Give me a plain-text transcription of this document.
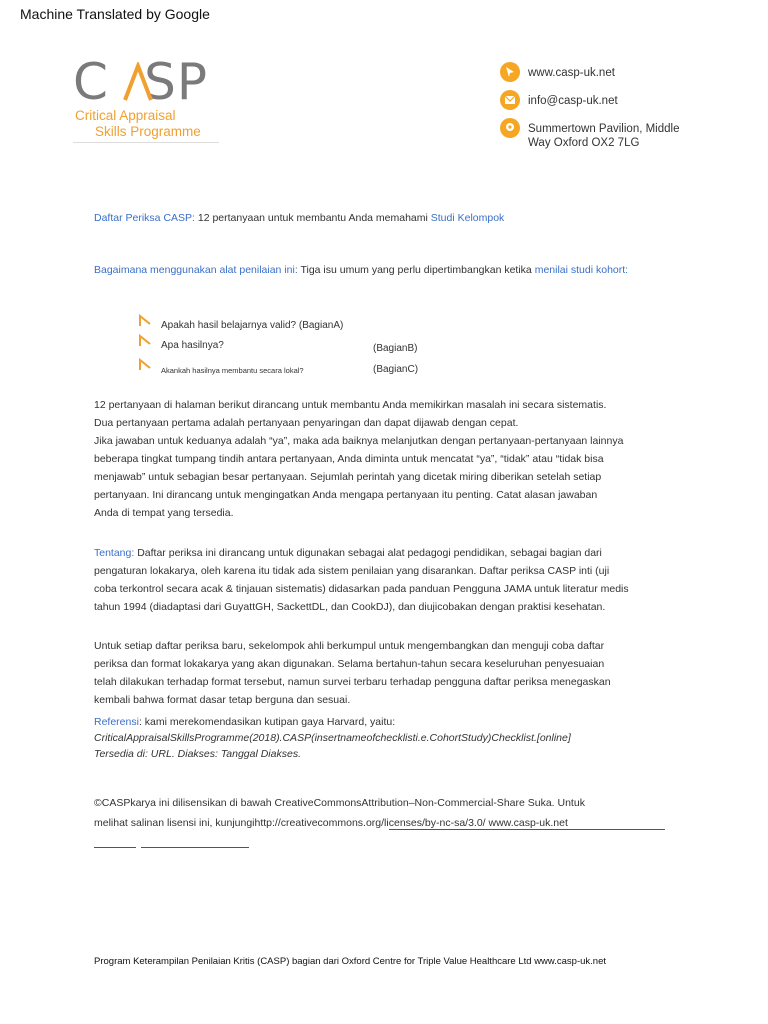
Machine Translated by Google
C SP
Critical Appraisal
Skills Programme
www.casp-uk.net
info@casp-uk.net
Summertown Pavilion, Middle
Way Oxford OX2 7LG
Daftar Periksa CASP: 12 pertanyaan untuk membantu Anda memahami Studi Kelompok
Bagaimana menggunakan alat penilaian ini: Tiga isu umum yang perlu dipertimbangkan ketika menilai studi kohort:
Apakah hasil belajarnya valid? (BagianA)
Apa hasilnya?	(BagianB)
Akankah hasilnya membantu secara lokal?	(BagianC)
12 pertanyaan di halaman berikut dirancang untuk membantu Anda memikirkan masalah ini secara sistematis.
Dua pertanyaan pertama adalah pertanyaan penyaringan dan dapat dijawab dengan cepat.
Jika jawaban untuk keduanya adalah “ya”, maka ada baiknya melanjutkan dengan pertanyaan-pertanyaan lainnya
beberapa tingkat tumpang tindih antara pertanyaan, Anda diminta untuk mencatat “ya”, “tidak” atau “tidak bisa
menjawab” untuk sebagian besar pertanyaan. Sejumlah perintah yang dicetak miring diberikan setelah setiap
pertanyaan. Ini dirancang untuk mengingatkan Anda mengapa pertanyaan itu penting. Catat alasan jawaban
Anda di tempat yang tersedia.
Tentang: Daftar periksa ini dirancang untuk digunakan sebagai alat pedagogi pendidikan, sebagai bagian dari
pengaturan lokakarya, oleh karena itu tidak ada sistem penilaian yang disarankan. Daftar periksa CASP inti (uji
coba terkontrol secara acak & tinjauan sistematis) didasarkan pada panduan Pengguna JAMA untuk literatur medis
tahun 1994 (diadaptasi dari GuyattGH, SackettDL, dan CookDJ), dan diujicobakan dengan praktisi kesehatan.
Untuk setiap daftar periksa baru, sekelompok ahli berkumpul untuk mengembangkan dan menguji coba daftar
periksa dan format lokakarya yang akan digunakan. Selama bertahun-tahun secara keseluruhan penyesuaian
telah dilakukan terhadap format tersebut, namun survei terbaru terhadap pengguna daftar periksa menegaskan
kembali bahwa format dasar tetap berguna dan sesuai.
Referensi: kami merekomendasikan kutipan gaya Harvard, yaitu:
CriticalAppraisalSkillsProgramme(2018).CASP(insertnameofchecklisti.e.CohortStudy)Checklist.[online]
Tersedia di: URL. Diakses: Tanggal Diakses.
©CASPkarya ini dilisensikan di bawah CreativeCommonsAttribution–Non-Commercial-Share Suka. Untuk
melihat salinan lisensi ini, kunjungihttp://creativecommons.org/licenses/by-nc-sa/3.0/ www.casp-uk.net
Program Keterampilan Penilaian Kritis (CASP) bagian dari Oxford Centre for Triple Value Healthcare Ltd www.casp-uk.net
